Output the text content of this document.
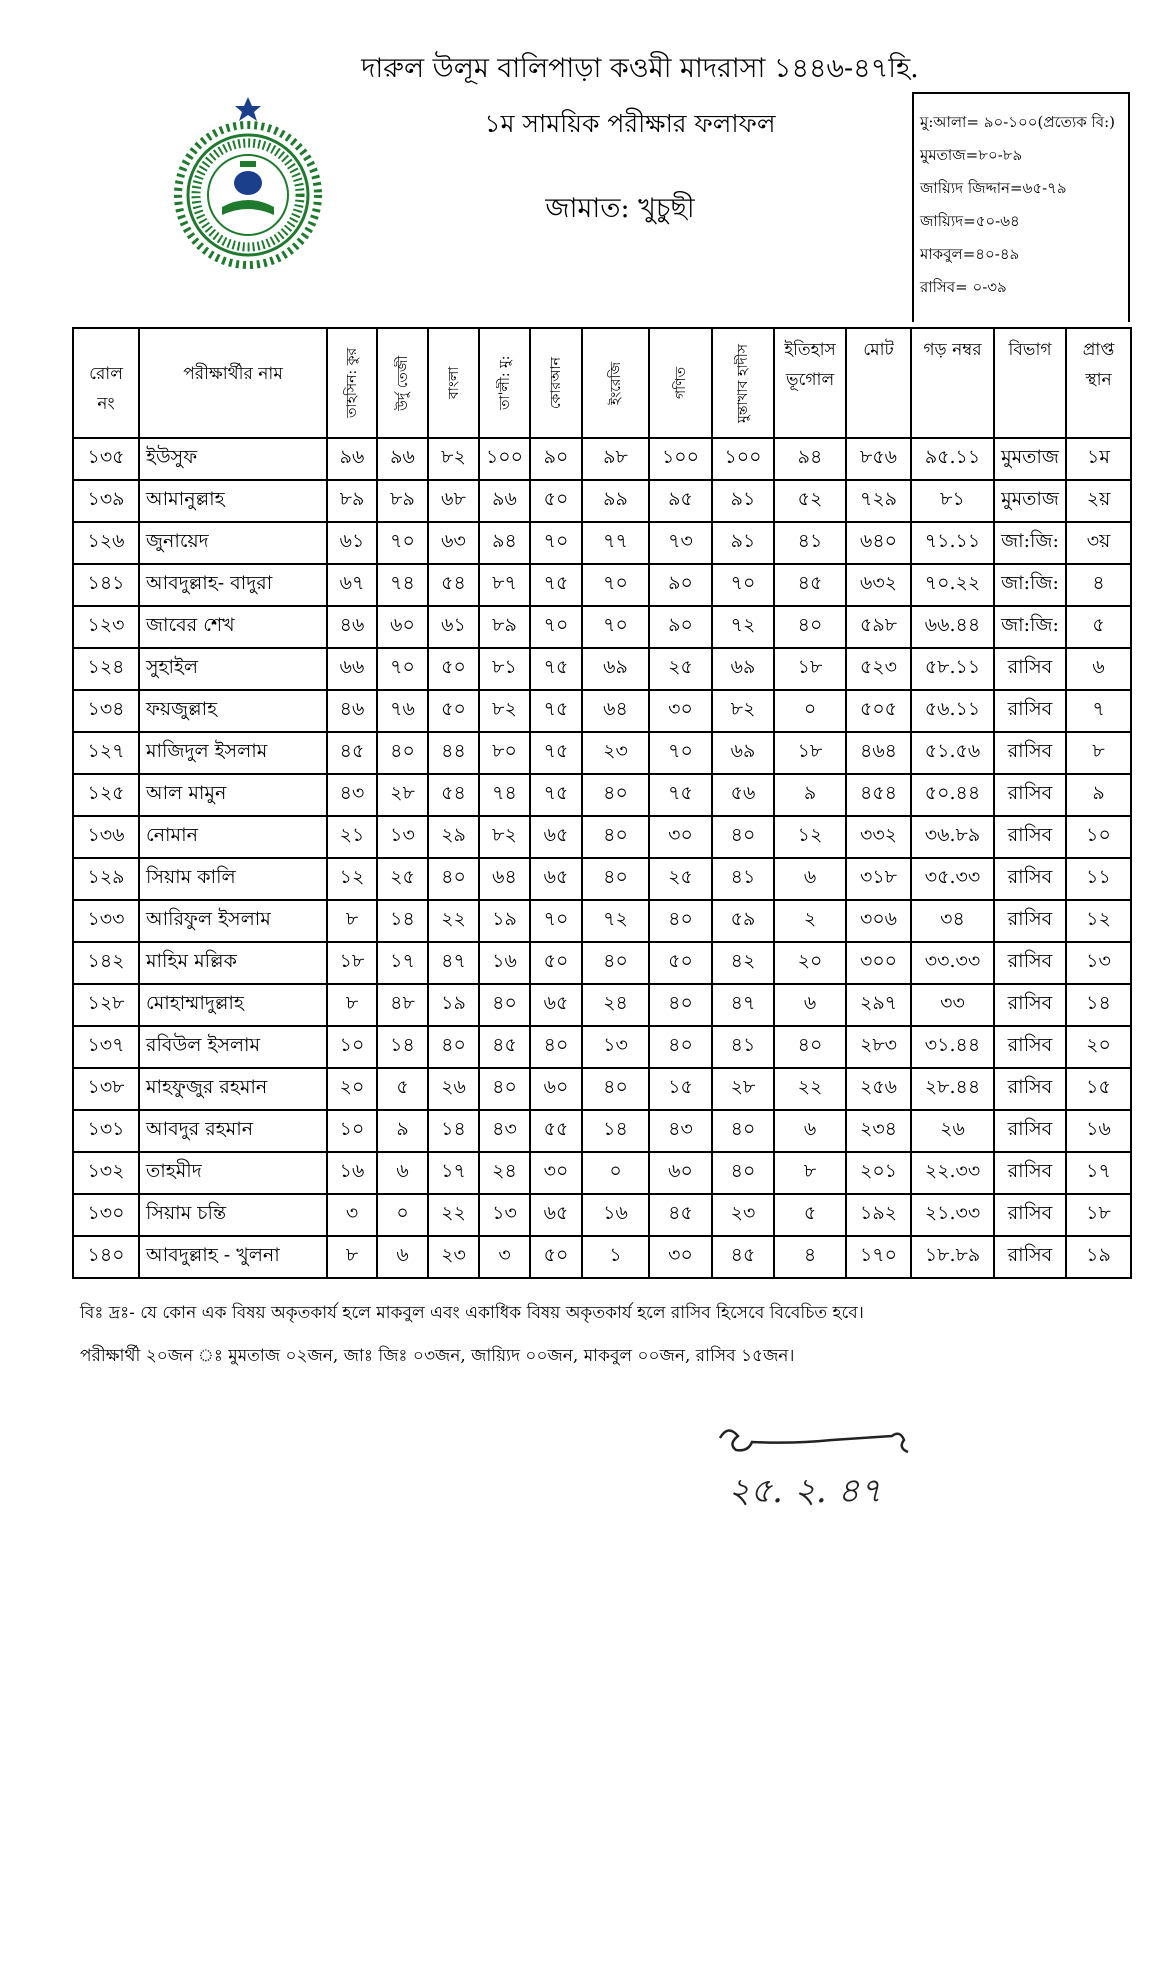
দারুল উলূম বালিপাড়া কওমী মাদরাসা ১৪৪৬-৪৭হি.
১ম সাময়িক পরীক্ষার ফলাফল
জামাত: খুচুছী
মু:আলা= ৯০-১০০(প্রত্যেক বি:)
মুমতাজ=৮০-৮৯
জায়্যিদ জিদ্দান=৬৫-৭৯
জায়্যিদ=৫০-৬৪
মাকবুল=৪০-৪৯
রাসিব= ০-৩৯
রোল নং	পরীক্ষার্থীর নাম	তাহসিন: কুর	উর্দু তেজী	বাংলা	তা'লী: মু:	কোরআন	ইংরেজি	গণিত	মুন্তাখাব হাদীস	ইতিহাস ভূগোল	মোট	গড় নম্বর	বিভাগ	প্রাপ্ত স্থান

১৩৫	ইউসুফ	৯৬	৯৬	৮২	১০০	৯০	৯৮	১০০	১০০	৯৪	৮৫৬	৯৫.১১	মুমতাজ	১ম
১৩৯	আমানুল্লাহ	৮৯	৮৯	৬৮	৯৬	৫০	৯৯	৯৫	৯১	৫২	৭২৯	৮১	মুমতাজ	২য়
১২৬	জুনায়েদ	৬১	৭০	৬৩	৯৪	৭০	৭৭	৭৩	৯১	৪১	৬৪০	৭১.১১	জা:জি:	৩য়
১৪১	আবদুল্লাহ- বাদুরা	৬৭	৭৪	৫৪	৮৭	৭৫	৭০	৯০	৭০	৪৫	৬৩২	৭০.২২	জা:জি:	৪
১২৩	জাবের শেখ	৪৬	৬০	৬১	৮৯	৭০	৭০	৯০	৭২	৪০	৫৯৮	৬৬.৪৪	জা:জি:	৫
১২৪	সুহাইল	৬৬	৭০	৫০	৮১	৭৫	৬৯	২৫	৬৯	১৮	৫২৩	৫৮.১১	রাসিব	৬
১৩৪	ফয়জুল্লাহ	৪৬	৭৬	৫০	৮২	৭৫	৬৪	৩০	৮২	০	৫০৫	৫৬.১১	রাসিব	৭
১২৭	মাজিদুল ইসলাম	৪৫	৪০	৪৪	৮০	৭৫	২৩	৭০	৬৯	১৮	৪৬৪	৫১.৫৬	রাসিব	৮
১২৫	আল মামুন	৪৩	২৮	৫৪	৭৪	৭৫	৪০	৭৫	৫৬	৯	৪৫৪	৫০.৪৪	রাসিব	৯
১৩৬	নোমান	২১	১৩	২৯	৮২	৬৫	৪০	৩০	৪০	১২	৩৩২	৩৬.৮৯	রাসিব	১০
১২৯	সিয়াম কালি	১২	২৫	৪০	৬৪	৬৫	৪০	২৫	৪১	৬	৩১৮	৩৫.৩৩	রাসিব	১১
১৩৩	আরিফুল ইসলাম	৮	১৪	২২	১৯	৭০	৭২	৪০	৫৯	২	৩০৬	৩৪	রাসিব	১২
১৪২	মাহিম মল্লিক	১৮	১৭	৪৭	১৬	৫০	৪০	৫০	৪২	২০	৩০০	৩৩.৩৩	রাসিব	১৩
১২৮	মোহাম্মাদুল্লাহ	৮	৪৮	১৯	৪০	৬৫	২৪	৪০	৪৭	৬	২৯৭	৩৩	রাসিব	১৪
১৩৭	রবিউল ইসলাম	১০	১৪	৪০	৪৫	৪০	১৩	৪০	৪১	৪০	২৮৩	৩১.৪৪	রাসিব	২০
১৩৮	মাহফুজুর রহমান	২০	৫	২৬	৪০	৬০	৪০	১৫	২৮	২২	২৫৬	২৮.৪৪	রাসিব	১৫
১৩১	আবদুর রহমান	১০	৯	১৪	৪৩	৫৫	১৪	৪৩	৪০	৬	২৩৪	২৬	রাসিব	১৬
১৩২	তাহমীদ	১৬	৬	১৭	২৪	৩০	০	৬০	৪০	৮	২০১	২২.৩৩	রাসিব	১৭
১৩০	সিয়াম চন্তি	৩	০	২২	১৩	৬৫	১৬	৪৫	২৩	৫	১৯২	২১.৩৩	রাসিব	১৮
১৪০	আবদুল্লাহ - খুলনা	৮	৬	২৩	৩	৫০	১	৩০	৪৫	৪	১৭০	১৮.৮৯	রাসিব	১৯
বিঃ দ্রঃ- যে কোন এক বিষয় অকৃতকার্য হলে মাকবুল এবং একাধিক বিষয় অকৃতকার্য হলে রাসিব হিসেবে বিবেচিত হবে।
পরীক্ষার্থী ২০জন ঃ মুমতাজ ০২জন, জাঃ জিঃ ০৩জন, জায়্যিদ ০০জন, মাকবুল ০০জন, রাসিব ১৫জন।
২৫. ২. ৪৭
